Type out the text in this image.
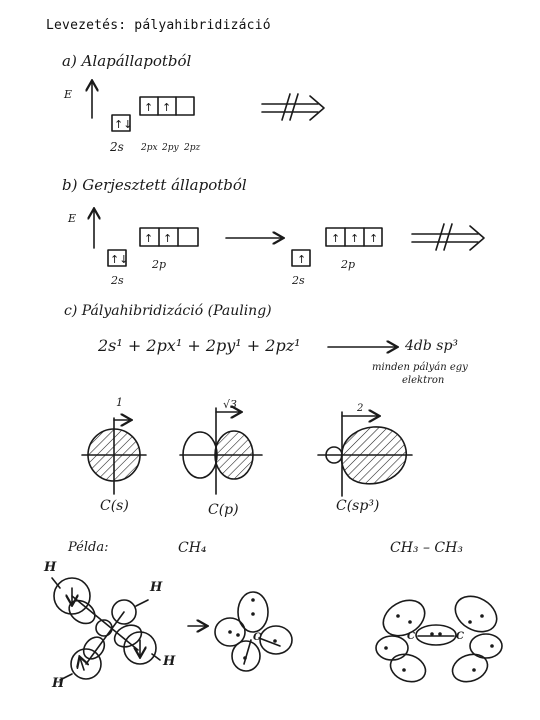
Levezetés: pályahibridizáció
a) Alapállapotból
E
2s 2px 2py 2pz
b) Gerjesztett állapotból
E
2s
2p
2s
2p
c) Pályahibridizáció (Pauling)
2s¹ + 2px¹ + 2py¹ + 2pz¹	4db sp³
minden pályán egy
elektron
1	√3	2
C(s)	C(p)	C(sp³)
Példa:	CH₄	CH₃ – CH₃
H
H
H
H
C	C	C
↑↓
↑ ↑
↑↓
↑ ↑
↑
↑ ↑ ↑
